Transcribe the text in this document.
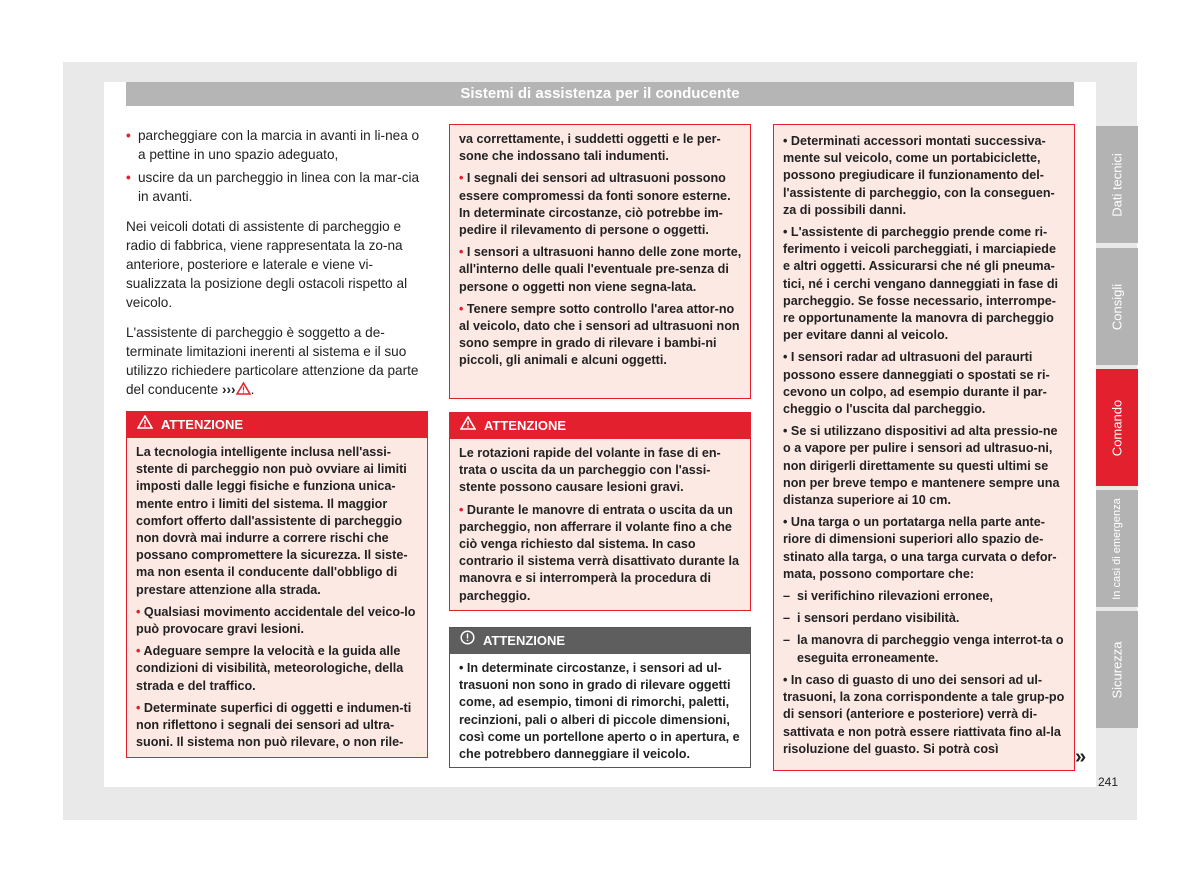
Sistemi di assistenza per il conducente
• parcheggiare con la marcia in avanti in li-nea o a pettine in uno spazio adeguato,
• uscire da un parcheggio in linea con la mar-cia in avanti.

Nei veicoli dotati di assistente di parcheggio e radio di fabbrica, viene rappresentata la zo-na anteriore, posteriore e laterale e viene vi-sualizzata la posizione degli ostacoli rispetto al veicolo.

L'assistente di parcheggio è soggetto a de-terminate limitazioni inerenti al sistema e il suo utilizzo richiedere particolare attenzione da parte del conducente ››› .

ATTENZIONE

La tecnologia intelligente inclusa nell'assi-stente di parcheggio non può ovviare ai limiti imposti dalle leggi fisiche e funziona unica-mente entro i limiti del sistema. Il maggior comfort offerto dall'assistente di parcheggio non dovrà mai indurre a correre rischi che possano compromettere la sicurezza. Il siste-ma non esenta il conducente dall'obbligo di prestare attenzione alla strada.

• Qualsiasi movimento accidentale del veico-lo può provocare gravi lesioni.

• Adeguare sempre la velocità e la guida alle condizioni di visibilità, meteorologiche, della strada e del traffico.

• Determinate superfici di oggetti e indumen-ti non riflettono i segnali dei sensori ad ultra-suoni. Il sistema non può rilevare, o non rile-

va correttamente, i suddetti oggetti e le per-sone che indossano tali indumenti.

• I segnali dei sensori ad ultrasuoni possono essere compromessi da fonti sonore esterne. In determinate circostanze, ciò potrebbe im-pedire il rilevamento di persone o oggetti.

• I sensori a ultrasuoni hanno delle zone morte, all'interno delle quali l'eventuale pre-senza di persone o oggetti non viene segna-lata.

• Tenere sempre sotto controllo l'area attor-no al veicolo, dato che i sensori ad ultrasuoni non sono sempre in grado di rilevare i bambi-ni piccoli, gli animali e alcuni oggetti.

ATTENZIONE

Le rotazioni rapide del volante in fase di en-trata o uscita da un parcheggio con l'assi-stente possono causare lesioni gravi.

• Durante le manovre di entrata o uscita da un parcheggio, non afferrare il volante fino a che ciò venga richiesto dal sistema. In caso contrario il sistema verrà disattivato durante la manovra e si interromperà la procedura di parcheggio.

ATTENZIONE

• In determinate circostanze, i sensori ad ul-trasuoni non sono in grado di rilevare oggetti come, ad esempio, timoni di rimorchi, paletti, recinzioni, pali o alberi di piccole dimensioni, così come un portellone aperto o in apertura, e che potrebbero danneggiare il veicolo.

• Determinati accessori montati successiva-mente sul veicolo, come un portabiciclette, possono pregiudicare il funzionamento del-l'assistente di parcheggio, con la conseguen-za di possibili danni.

• L'assistente di parcheggio prende come ri-ferimento i veicoli parcheggiati, i marciapiede e altri oggetti. Assicurarsi che né gli pneuma-tici, né i cerchi vengano danneggiati in fase di parcheggio. Se fosse necessario, interrompe-re opportunamente la manovra di parcheggio per evitare danni al veicolo.

• I sensori radar ad ultrasuoni del paraurti possono essere danneggiati o spostati se ri-cevono un colpo, ad esempio durante il par-cheggio o l'uscita dal parcheggio.

• Se si utilizzano dispositivi ad alta pressio-ne o a vapore per pulire i sensori ad ultrasuo-ni, non dirigerli direttamente su questi ultimi se non per breve tempo e mantenere sempre una distanza superiore ai 10 cm.

• Una targa o un portatarga nella parte ante-riore di dimensioni superiori allo spazio de-stinato alla targa, o una targa curvata o defor-mata, possono comportare che:

– si verifichino rilevazioni erronee,
– i sensori perdano visibilità.
– la manovra di parcheggio venga interrot-ta o eseguita erroneamente.

• In caso di guasto di uno dei sensori ad ul-trasuoni, la zona corrispondente a tale grup-po di sensori (anteriore e posteriore) verrà di-sattivata e non potrà essere riattivata fino al-la risoluzione del guasto. Si potrà così	»
Dati tecnici
Consigli
Comando
In casi di emergenza
Sicurezza
241
